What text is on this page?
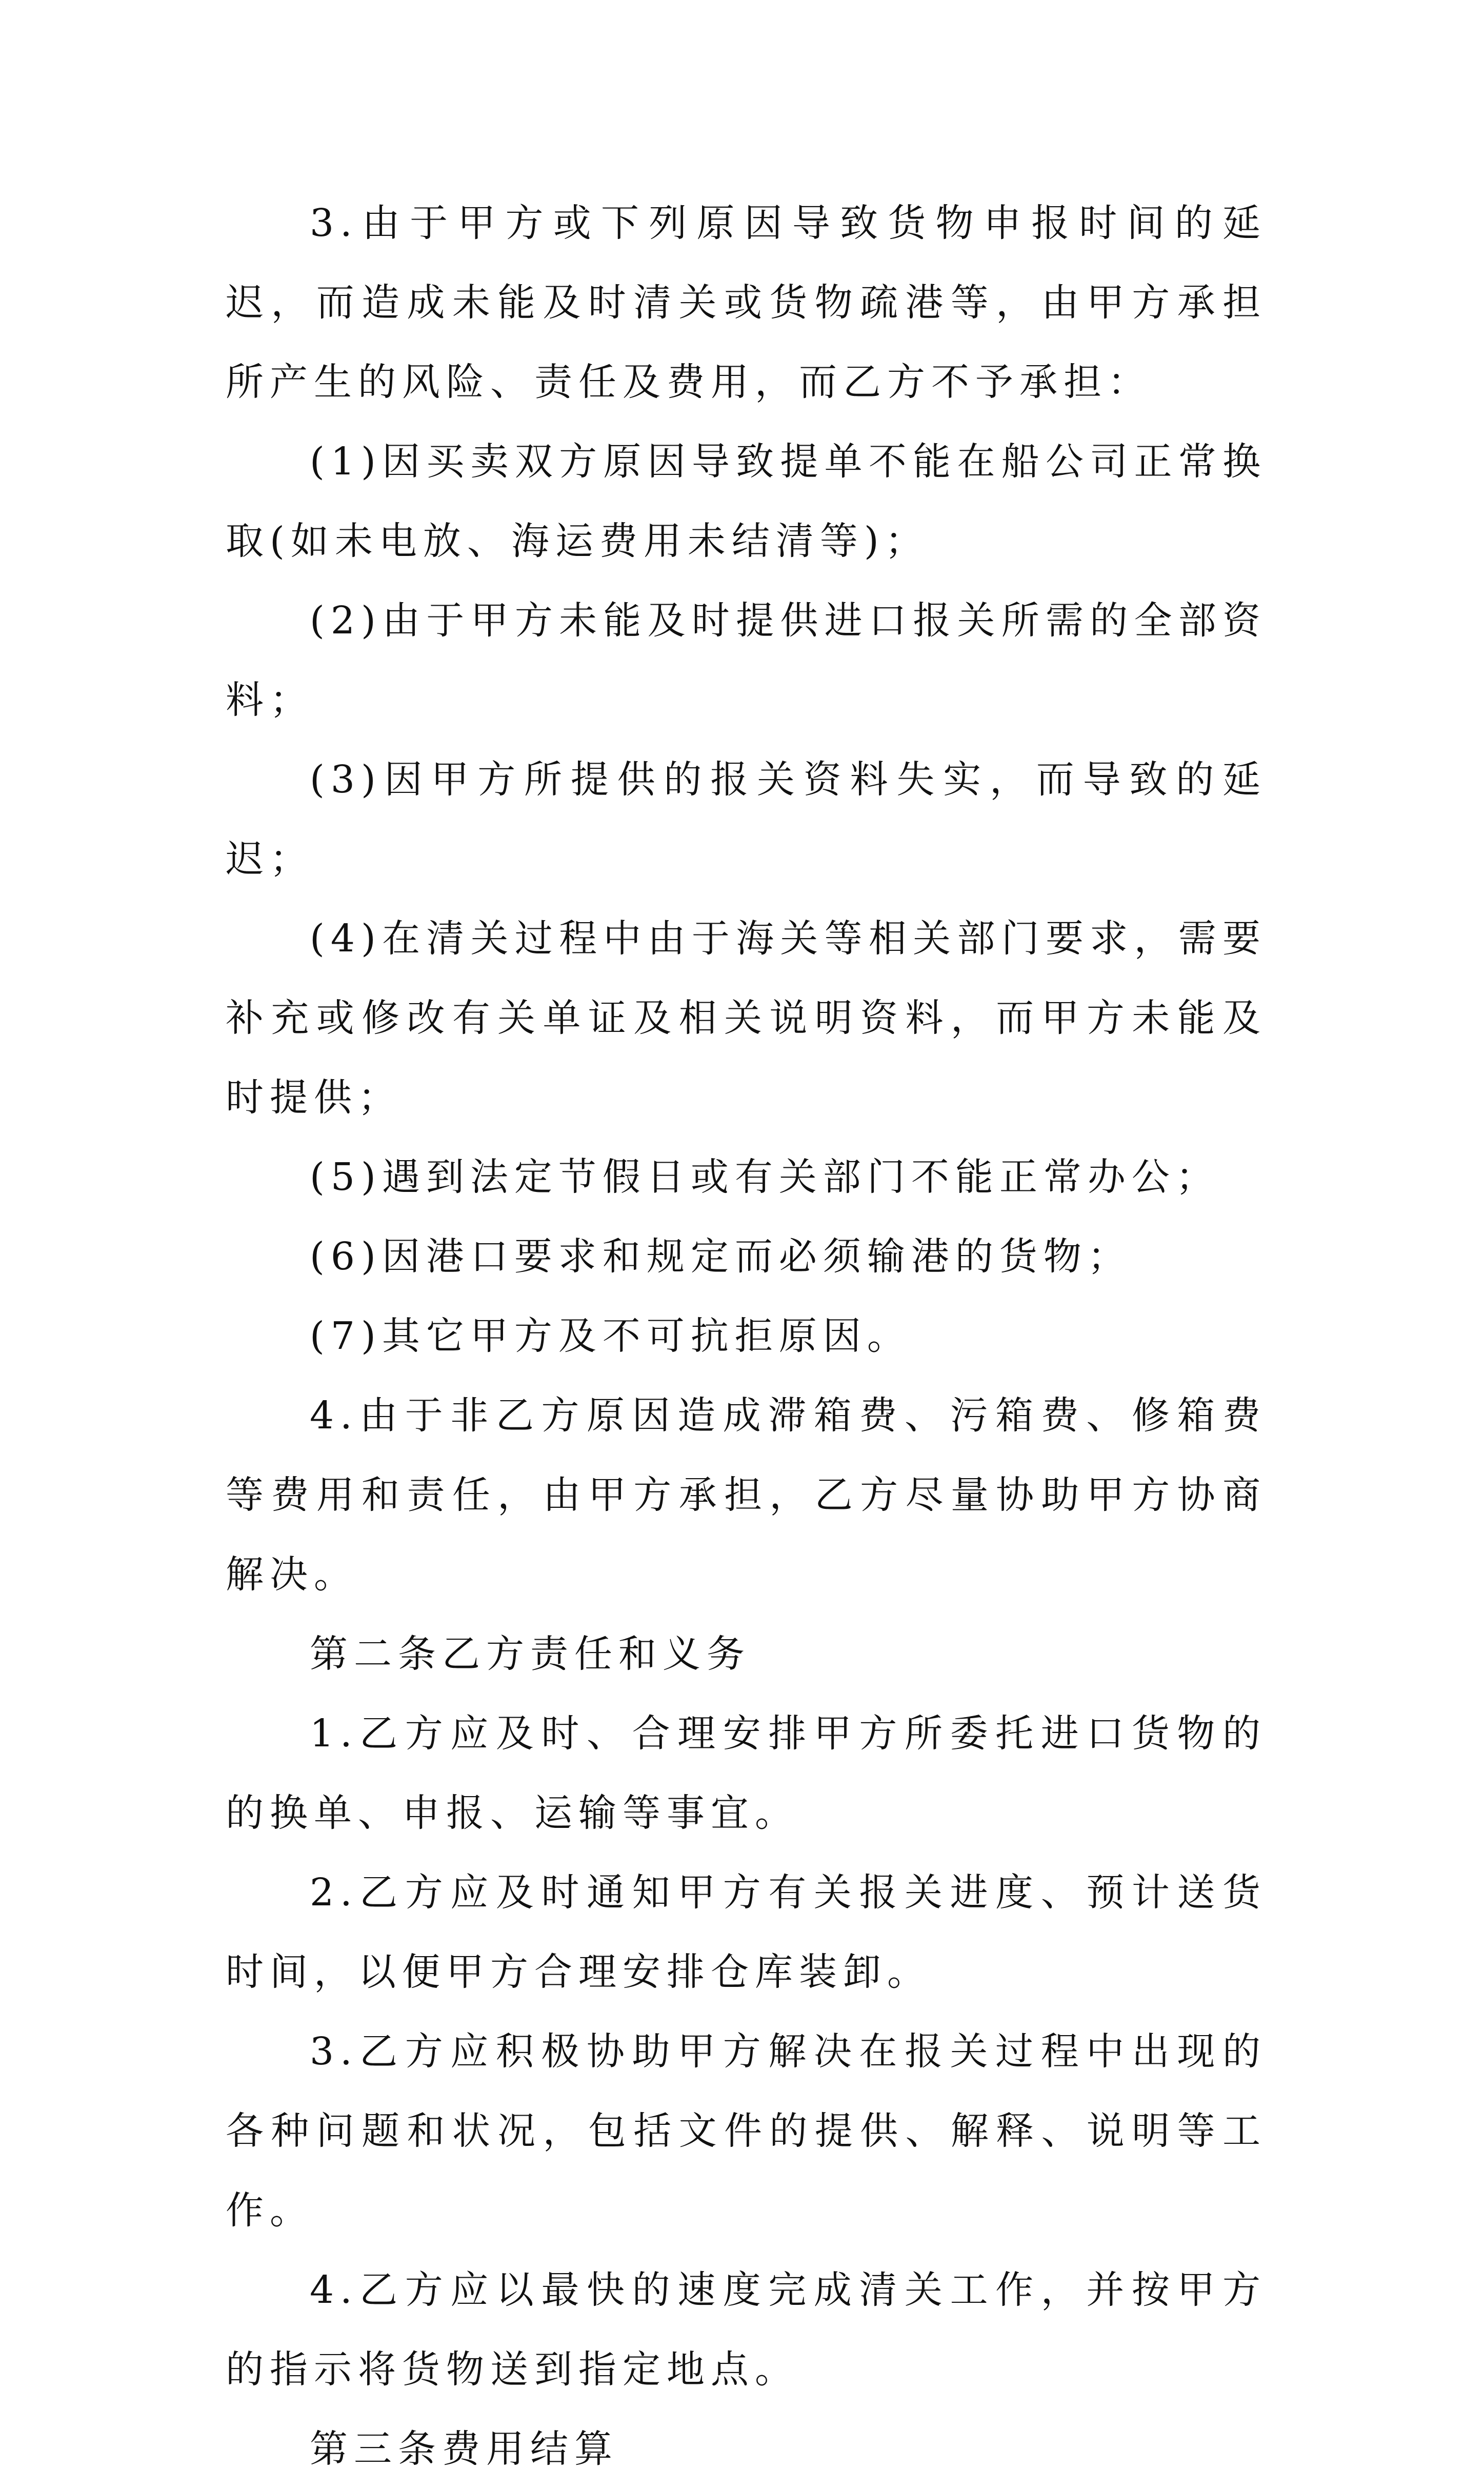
3.由于甲方或下列原因导致货物申报时间的延迟，而造成未能及时清关或货物疏港等，由甲方承担所产生的风险、责任及费用，而乙方不予承担：

(1)因买卖双方原因导致提单不能在船公司正常换取(如未电放、海运费用未结清等)；

(2)由于甲方未能及时提供进口报关所需的全部资料；

(3)因甲方所提供的报关资料失实，而导致的延迟；

(4)在清关过程中由于海关等相关部门要求，需要补充或修改有关单证及相关说明资料，而甲方未能及时提供；

(5)遇到法定节假日或有关部门不能正常办公；

(6)因港口要求和规定而必须输港的货物；

(7)其它甲方及不可抗拒原因。

4.由于非乙方原因造成滞箱费、污箱费、修箱费等费用和责任，由甲方承担，乙方尽量协助甲方协商解决。

第二条乙方责任和义务

1.乙方应及时、合理安排甲方所委托进口货物的的换单、申报、运输等事宜。

2.乙方应及时通知甲方有关报关进度、预计送货时间，以便甲方合理安排仓库装卸。

3.乙方应积极协助甲方解决在报关过程中出现的各种问题和状况，包括文件的提供、解释、说明等工作。

4.乙方应以最快的速度完成清关工作，并按甲方的指示将货物送到指定地点。

第三条费用结算
